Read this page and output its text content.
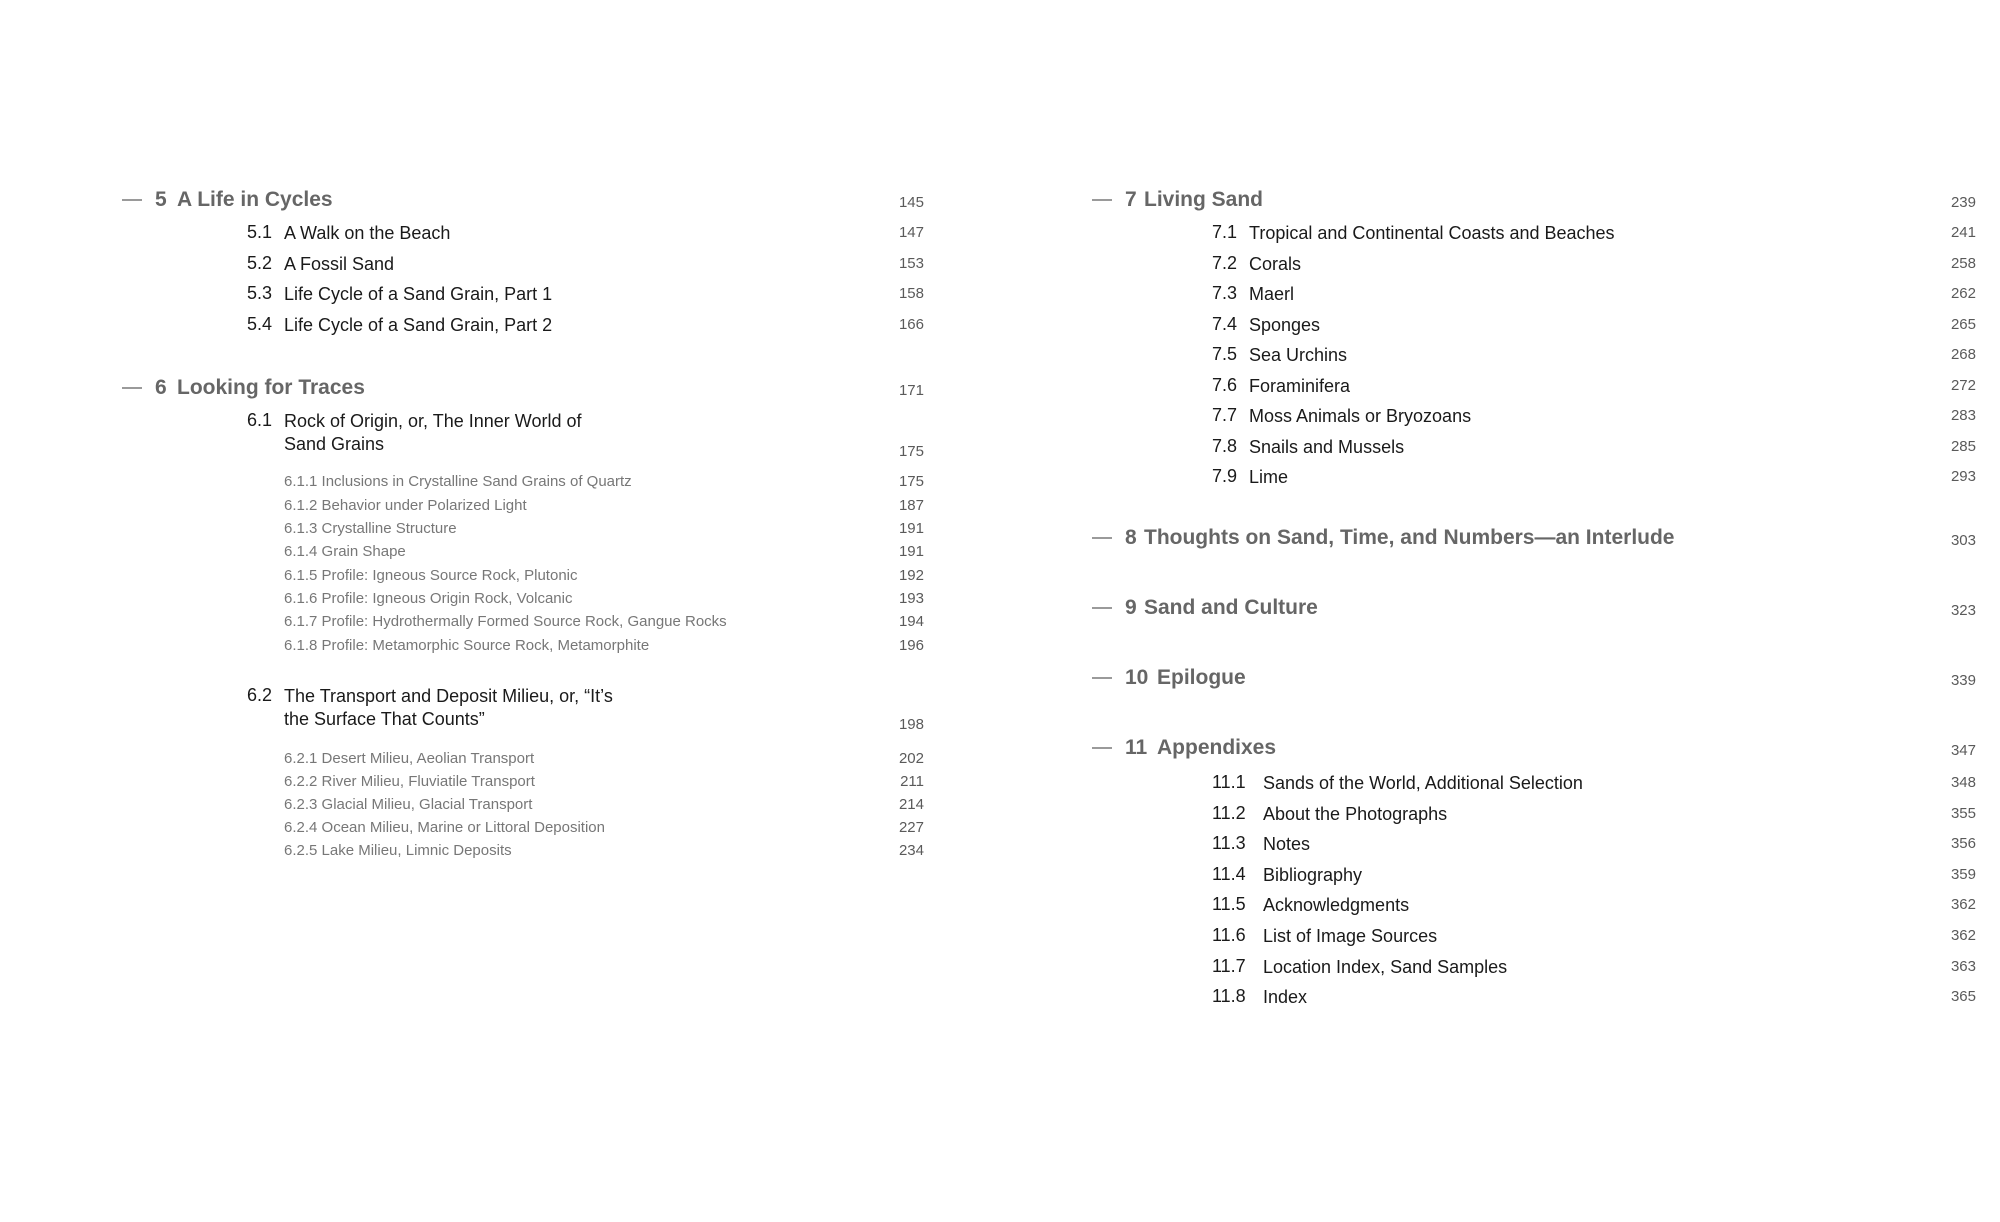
5 A Life in Cycles	145
5.1 A Walk on the Beach	147
5.2 A Fossil Sand	153
5.3 Life Cycle of a Sand Grain, Part 1	158
5.4 Life Cycle of a Sand Grain, Part 2	166
6 Looking for Traces	171
6.1 Rock of Origin, or, The Inner World of Sand Grains	175
6.1.1 Inclusions in Crystalline Sand Grains of Quartz	175
6.1.2 Behavior under Polarized Light	187
6.1.3 Crystalline Structure	191
6.1.4 Grain Shape	191
6.1.5 Profile: Igneous Source Rock, Plutonic	192
6.1.6 Profile: Igneous Origin Rock, Volcanic	193
6.1.7 Profile: Hydrothermally Formed Source Rock, Gangue Rocks	194
6.1.8 Profile: Metamorphic Source Rock, Metamorphite	196
6.2 The Transport and Deposit Milieu, or, “It’s the Surface That Counts”	198
6.2.1 Desert Milieu, Aeolian Transport	202
6.2.2 River Milieu, Fluviatile Transport	211
6.2.3 Glacial Milieu, Glacial Transport	214
6.2.4 Ocean Milieu, Marine or Littoral Deposition	227
6.2.5 Lake Milieu, Limnic Deposits	234
7 Living Sand	239
7.1 Tropical and Continental Coasts and Beaches	241
7.2 Corals	258
7.3 Maerl	262
7.4 Sponges	265
7.5 Sea Urchins	268
7.6 Foraminifera	272
7.7 Moss Animals or Bryozoans	283
7.8 Snails and Mussels	285
7.9 Lime	293
8 Thoughts on Sand, Time, and Numbers—an Interlude	303
9 Sand and Culture	323
10 Epilogue	339
11 Appendixes	347
11.1 Sands of the World, Additional Selection	348
11.2 About the Photographs	355
11.3 Notes	356
11.4 Bibliography	359
11.5 Acknowledgments	362
11.6 List of Image Sources	362
11.7 Location Index, Sand Samples	363
11.8 Index	365
